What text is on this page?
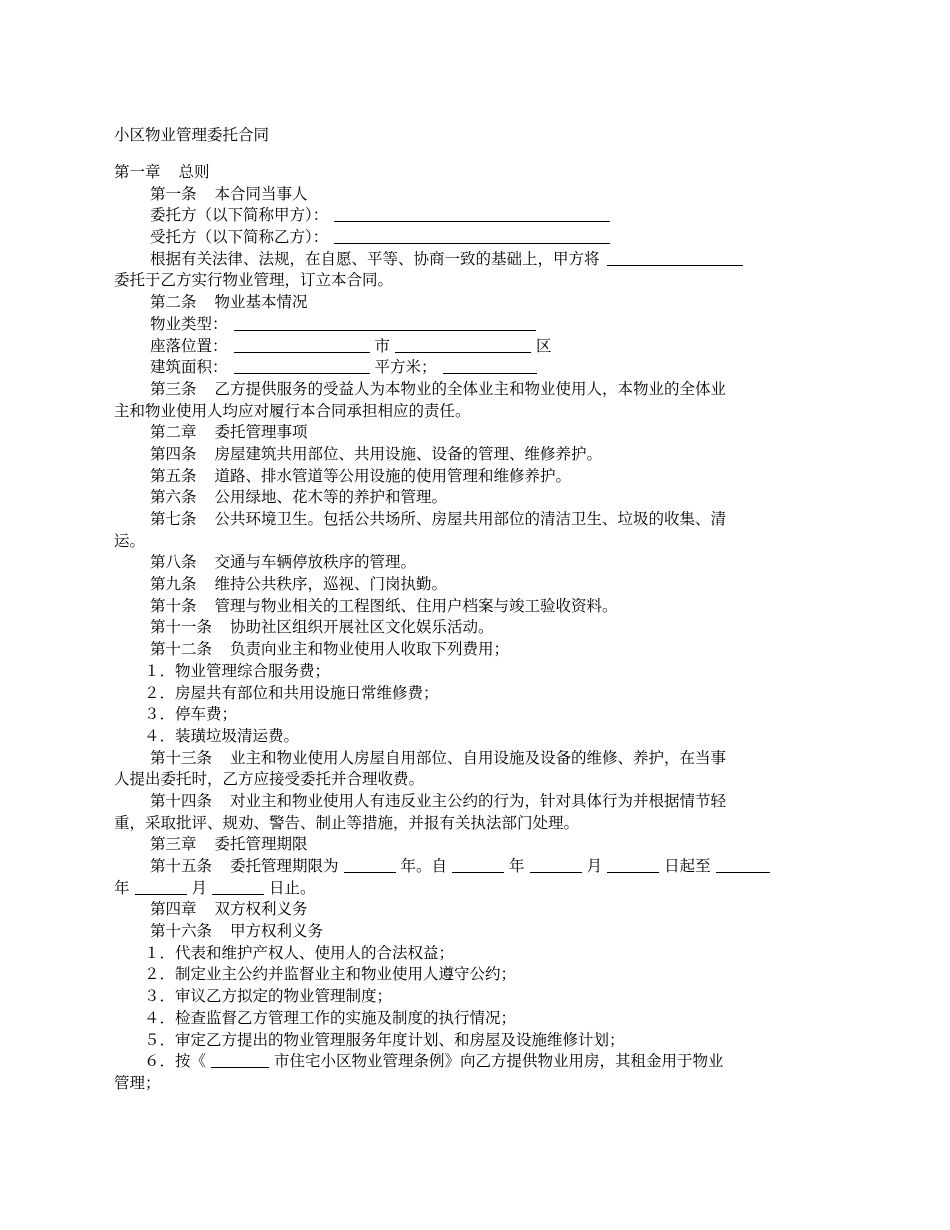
小区物业管理委托合同
第一章 总则
第一条 本合同当事人
委托方（以下简称甲方）：
受托方（以下简称乙方）：
根据有关法律、法规，在自愿、平等、协商一致的基础上，甲方将
委托于乙方实行物业管理，订立本合同。
第二条 物业基本情况
物业类型：
座落位置：	市	区
建筑面积：	平方米；
第三条 乙方提供服务的受益人为本物业的全体业主和物业使用人，本物业的全体业
主和物业使用人均应对履行本合同承担相应的责任。
第二章 委托管理事项
第四条 房屋建筑共用部位、共用设施、设备的管理、维修养护。
第五条 道路、排水管道等公用设施的使用管理和维修养护。
第六条 公用绿地、花木等的养护和管理。
第七条 公共环境卫生。包括公共场所、房屋共用部位的清洁卫生、垃圾的收集、清
运。
第八条 交通与车辆停放秩序的管理。
第九条 维持公共秩序，巡视、门岗执勤。
第十条 管理与物业相关的工程图纸、住用户档案与竣工验收资料。
第十一条 协助社区组织开展社区文化娱乐活动。
第十二条 负责向业主和物业使用人收取下列费用；
１．物业管理综合服务费；
２．房屋共有部位和共用设施日常维修费；
３．停车费；
４．装璜垃圾清运费。
第十三条 业主和物业使用人房屋自用部位、自用设施及设备的维修、养护，在当事
人提出委托时，乙方应接受委托并合理收费。
第十四条 对业主和物业使用人有违反业主公约的行为，针对具体行为并根据情节轻
重，采取批评、规劝、警告、制止等措施，并报有关执法部门处理。
第三章 委托管理期限
第十五条 委托管理期限为	年。自	年	月	日起至
年	月	日止。
第四章 双方权利义务
第十六条 甲方权利义务
１．代表和维护产权人、使用人的合法权益；
２．制定业主公约并监督业主和物业使用人遵守公约；
３．审议乙方拟定的物业管理制度；
４．检查监督乙方管理工作的实施及制度的执行情况；
５．审定乙方提出的物业管理服务年度计划、和房屋及设施维修计划；
６．按《	市住宅小区物业管理条例》向乙方提供物业用房，其租金用于物业
管理；
